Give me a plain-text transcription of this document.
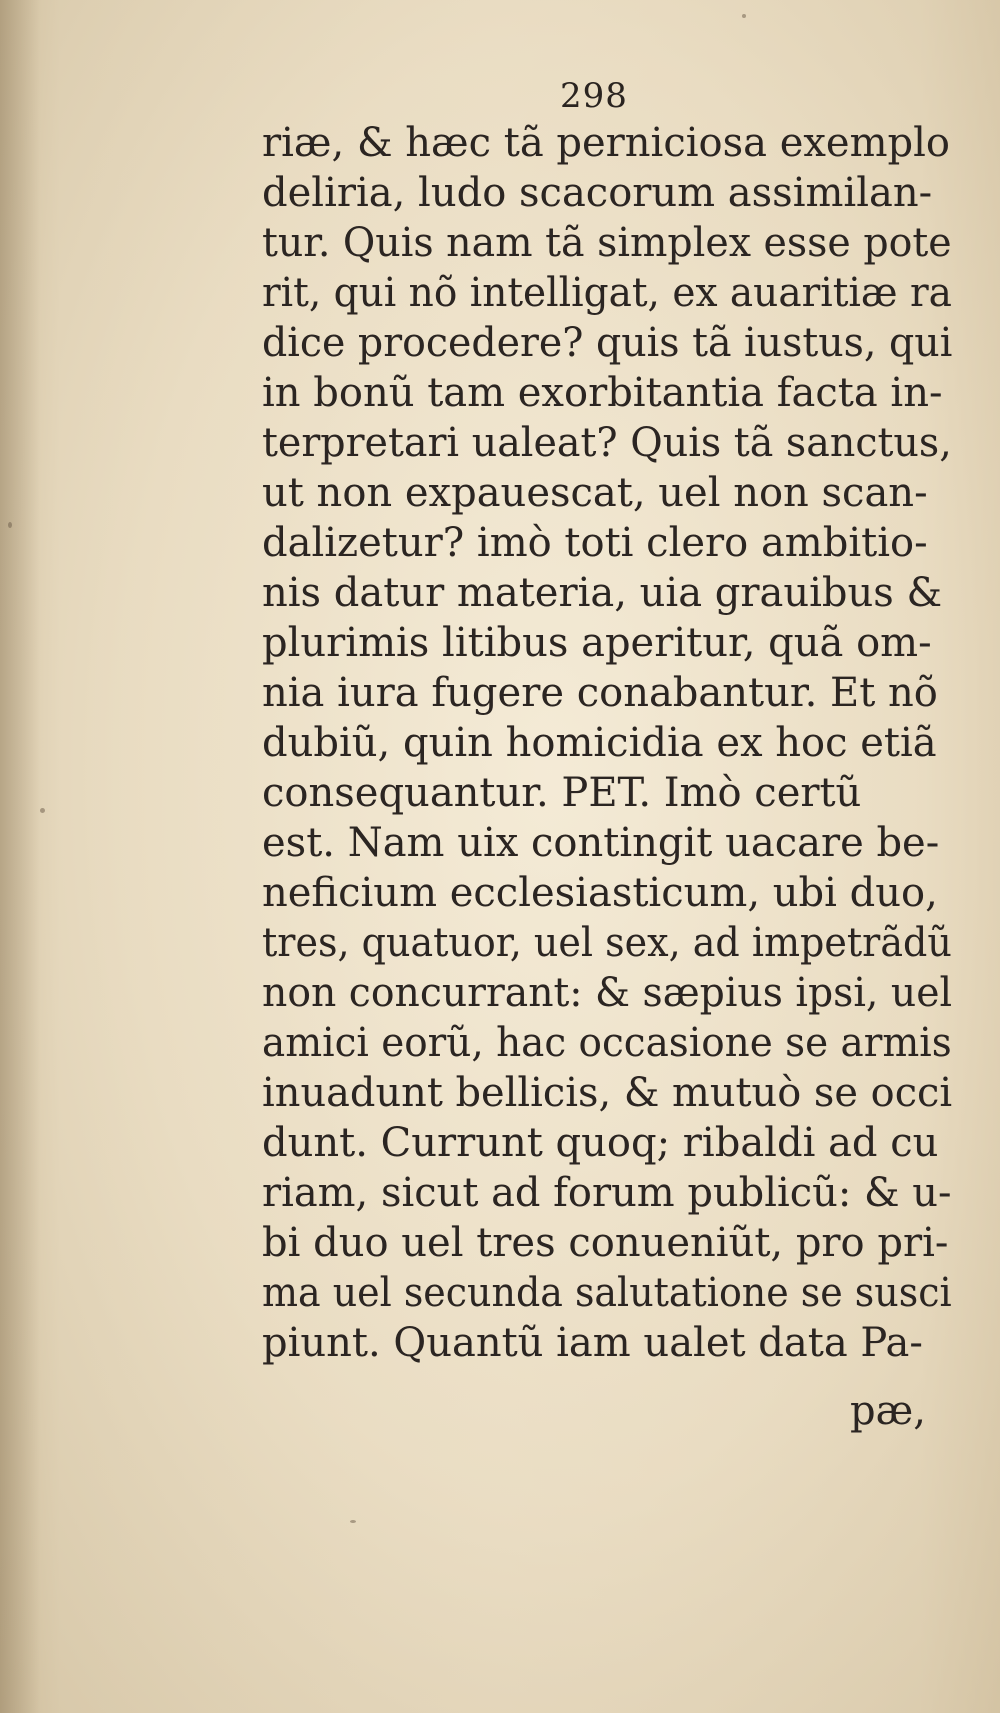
298
riæ, & hæc tã perniciosa exemplo
deliria, ludo scacorum assimilan-
tur. Quis nam tã simplex esse pote rit, qui nõ intelligat, ex auaritiæ ra dice procedere? quis tã iustus, qui
in bonũ tam exorbitantia facta in-
terpretari ualeat? Quis tã sanctus,
ut non expauescat, uel non scan-
dalizetur? imò toti clero ambitio-
nis datur materia, uia grauibus &
plurimis litibus aperitur, quã om-
nia iura fugere conabantur. Et nõ
dubiũ, quin homicidia ex hoc etiã
consequantur. PET. Imò certũ
est. Nam uix contingit uacare be-
neficium ecclesiasticum, ubi duo,
tres, quatuor, uel sex, ad impetrãdũ non concurrant: & sæpius ipsi, uel amici eorũ, hac occasione se armis inuadunt bellicis, & mutuò se occi
dunt. Currunt quoq; ribaldi ad cu
riam, sicut ad forum publicũ: & u-
bi duo uel tres conueniũt, pro pri-
ma uel secunda salutatione se susci
piunt. Quantũ iam ualet data Pa-
pæ,
